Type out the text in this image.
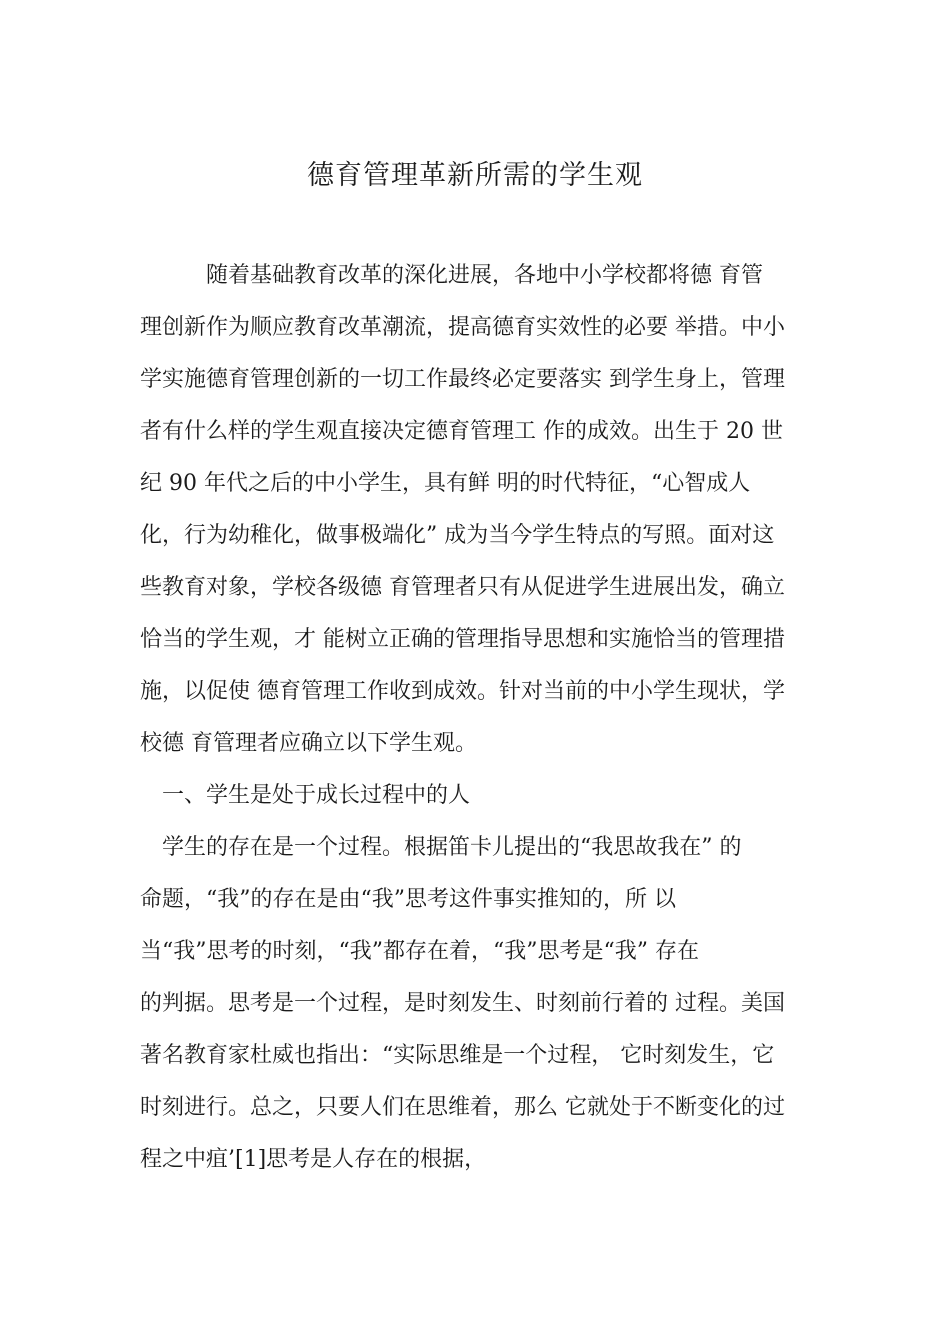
德育管理革新所需的学生观
　　　随着基础教育改革的深化进展，各地中小学校都将德 育管
理创新作为顺应教育改革潮流，提高德育实效性的必要 举措。中小
学实施德育管理创新的一切工作最终必定要落实 到学生身上，管理
者有什么样的学生观直接决定德育管理工 作的成效。出生于 20 世
纪 90 年代之后的中小学生，具有鲜 明的时代特征，“心智成人
化，行为幼稚化，做事极端化” 成为当今学生特点的写照。面对这
些教育对象，学校各级德 育管理者只有从促进学生进展出发，确立
恰当的学生观，才 能树立正确的管理指导思想和实施恰当的管理措
施，以促使 德育管理工作收到成效。针对当前的中小学生现状，学
校德 育管理者应确立以下学生观。
　一、学生是处于成长过程中的人
　学生的存在是一个过程。根据笛卡儿提出的“我思故我在” 的
命题，“我”的存在是由“我”思考这件事实推知的，所 以
当“我”思考的时刻，“我”都存在着，“我”思考是“我” 存在
的判据。思考是一个过程，是时刻发生、时刻前行着的 过程。美国
著名教育家杜威也指出：“实际思维是一个过程， 它时刻发生，它
时刻进行。总之，只要人们在思维着，那么 它就处于不断变化的过
程之中疽’[1]思考是人存在的根据，
